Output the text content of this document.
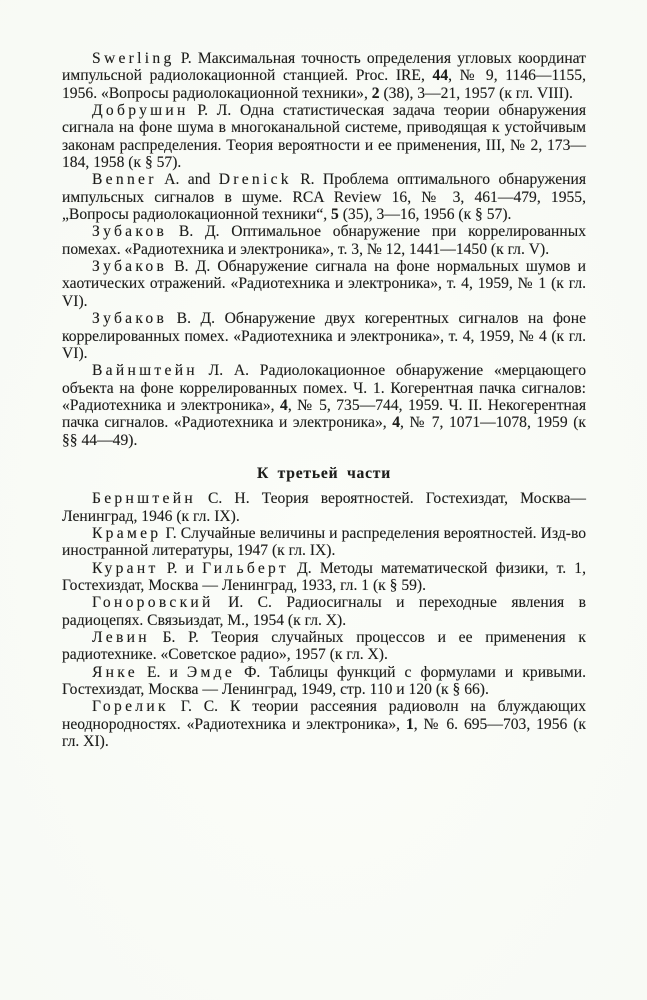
Swerling P. Максимальная точность определения угловых координат импульсной радиолокационной станцией. Proc. IRE, 44, № 9, 1146—1155, 1956. «Вопросы радиолокационной техники», 2 (38), 3—21, 1957 (к гл. VIII).

Добрушин Р. Л. Одна статистическая задача теории обнаружения сигнала на фоне шума в многоканальной системе, приводящая к устойчивым законам распределения. Теория вероятности и ее применения, III, № 2, 173—184, 1958 (к § 57).

Benner A. and Drenick R. Проблема оптимального обнаружения импульсных сигналов в шуме. RCA Review 16, № 3, 461—479, 1955, „Вопросы радиолокационной техники“, 5 (35), 3—16, 1956 (к § 57).

Зубаков В. Д. Оптимальное обнаружение при коррелированных помехах. «Радиотехника и электроника», т. 3, № 12, 1441—1450 (к гл. V).

Зубаков В. Д. Обнаружение сигнала на фоне нормальных шумов и хаотических отражений. «Радиотехника и электроника», т. 4, 1959, № 1 (к гл. VI).

Зубаков В. Д. Обнаружение двух когерентных сигналов на фоне коррелированных помех. «Радиотехника и электроника», т. 4, 1959, № 4 (к гл. VI).

Вайнштейн Л. А. Радиолокационное обнаружение «мерцающего объекта на фоне коррелированных помех. Ч. 1. Когерентная пачка сигналов: «Радиотехника и электроника», 4, № 5, 735—744, 1959. Ч. II. Некогерентная пачка сигналов. «Радиотехника и электроника», 4, № 7, 1071—1078, 1959 (к §§ 44—49).

К третьей части

Бернштейн С. Н. Теория вероятностей. Гостехиздат, Москва—Ленинград, 1946 (к гл. IX).

Крамер Г. Случайные величины и распределения вероятностей. Изд-во иностранной литературы, 1947 (к гл. IX).

Курант Р. и Гильберт Д. Методы математической физики, т. 1, Гостехиздат, Москва — Ленинград, 1933, гл. 1 (к § 59).

Гоноровский И. С. Радиосигналы и переходные явления в радиоцепях. Связьиздат, М., 1954 (к гл. X).

Левин Б. Р. Теория случайных процессов и ее применения к радиотехнике. «Советское радио», 1957 (к гл. X).

Янке Е. и Эмде Ф. Таблицы функций с формулами и кривыми. Гостехиздат, Москва — Ленинград, 1949, стр. 110 и 120 (к § 66).

Горелик Г. С. К теории рассеяния радиоволн на блуждающих неоднородностях. «Радиотехника и электроника», 1, № 6. 695—703, 1956 (к гл. XI).
